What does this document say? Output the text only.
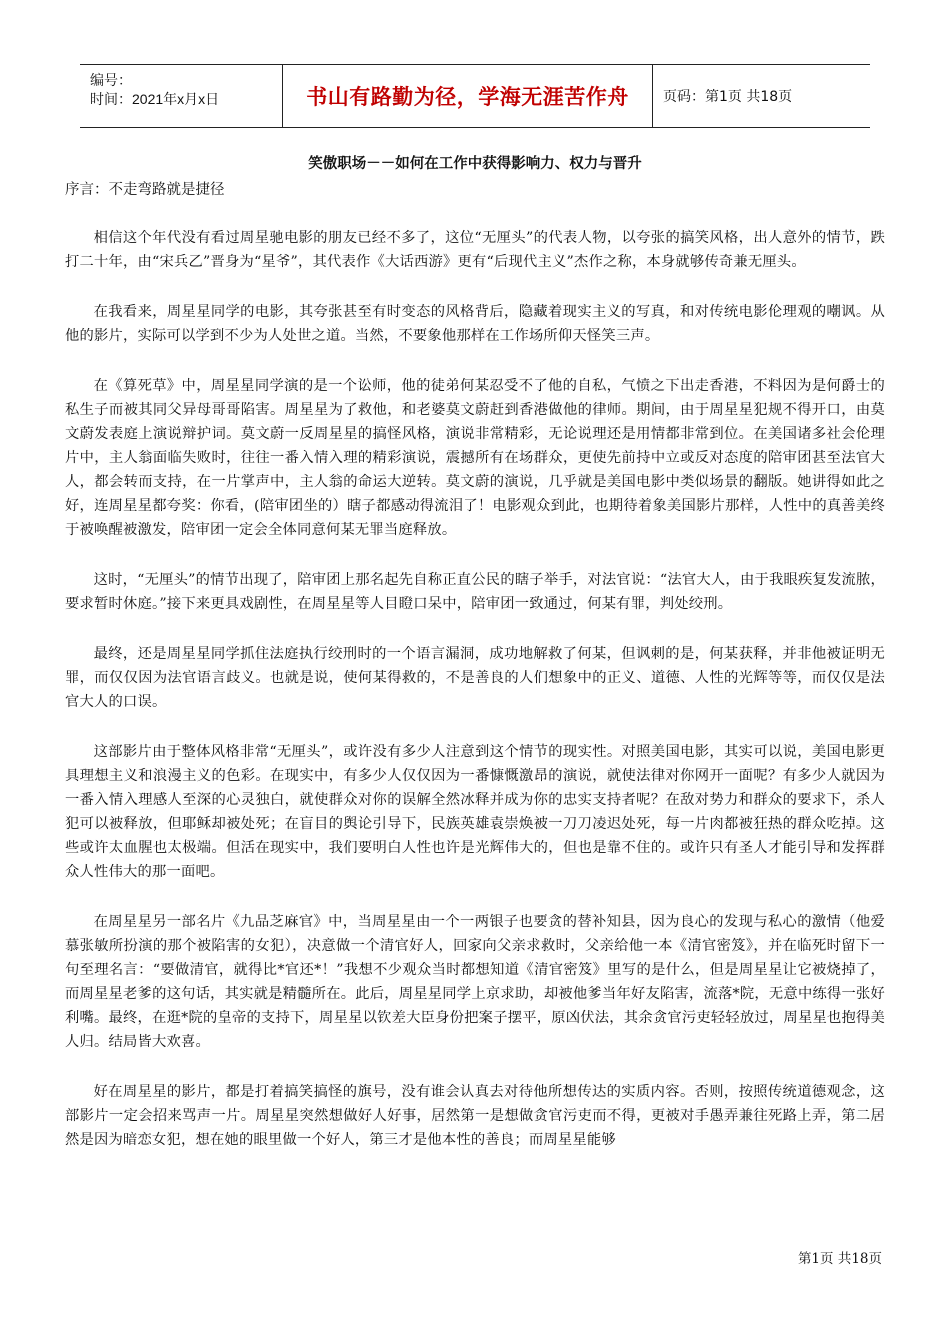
编号：
时间：2021年x月x日	书山有路勤为径，学海无涯苦作舟	页码：第1页 共18页
笑傲职场－－如何在工作中获得影响力、权力与晋升
序言：不走弯路就是捷径

相信这个年代没有看过周星驰电影的朋友已经不多了，这位“无厘头”的代表人物，以夸张的搞笑风格，出人意外的情节，跌打二十年，由“宋兵乙”晋身为“星爷”，其代表作《大话西游》更有“后现代主义”杰作之称，本身就够传奇兼无厘头。

在我看来，周星星同学的电影，其夸张甚至有时变态的风格背后，隐藏着现实主义的写真，和对传统电影伦理观的嘲讽。从他的影片，实际可以学到不少为人处世之道。当然，不要象他那样在工作场所仰天怪笑三声。

在《算死草》中，周星星同学演的是一个讼师，他的徒弟何某忍受不了他的自私，气愤之下出走香港，不料因为是何爵士的私生子而被其同父异母哥哥陷害。周星星为了救他，和老婆莫文蔚赶到香港做他的律师。期间，由于周星星犯规不得开口，由莫文蔚发表庭上演说辩护词。莫文蔚一反周星星的搞怪风格，演说非常精彩，无论说理还是用情都非常到位。在美国诸多社会伦理片中，主人翁面临失败时，往往一番入情入理的精彩演说，震撼所有在场群众，更使先前持中立或反对态度的陪审团甚至法官大人，都会转而支持，在一片掌声中，主人翁的命运大逆转。莫文蔚的演说，几乎就是美国电影中类似场景的翻版。她讲得如此之好，连周星星都夸奖：你看，(陪审团坐的）瞎子都感动得流泪了！电影观众到此，也期待着象美国影片那样，人性中的真善美终于被唤醒被激发，陪审团一定会全体同意何某无罪当庭释放。

这时，“无厘头”的情节出现了，陪审团上那名起先自称正直公民的瞎子举手，对法官说：“法官大人，由于我眼疾复发流脓，要求暂时休庭。”接下来更具戏剧性，在周星星等人目瞪口呆中，陪审团一致通过，何某有罪，判处绞刑。

最终，还是周星星同学抓住法庭执行绞刑时的一个语言漏洞，成功地解救了何某，但讽刺的是，何某获释，并非他被证明无罪，而仅仅因为法官语言歧义。也就是说，使何某得救的，不是善良的人们想象中的正义、道德、人性的光辉等等，而仅仅是法官大人的口误。

这部影片由于整体风格非常“无厘头”，或许没有多少人注意到这个情节的现实性。对照美国电影，其实可以说，美国电影更具理想主义和浪漫主义的色彩。在现实中，有多少人仅仅因为一番慷慨激昂的演说，就使法律对你网开一面呢？有多少人就因为一番入情入理感人至深的心灵独白，就使群众对你的误解全然冰释并成为你的忠实支持者呢？在敌对势力和群众的要求下，杀人犯可以被释放，但耶稣却被处死；在盲目的舆论引导下，民族英雄袁崇焕被一刀刀凌迟处死，每一片肉都被狂热的群众吃掉。这些或许太血腥也太极端。但活在现实中，我们要明白人性也许是光辉伟大的，但也是靠不住的。或许只有圣人才能引导和发挥群众人性伟大的那一面吧。

在周星星另一部名片《九品芝麻官》中，当周星星由一个一两银子也要贪的替补知县，因为良心的发现与私心的激情（他爱慕张敏所扮演的那个被陷害的女犯），决意做一个清官好人，回家向父亲求救时，父亲给他一本《清官密笈》，并在临死时留下一句至理名言：“要做清官，就得比*官还*！”我想不少观众当时都想知道《清官密笈》里写的是什么，但是周星星让它被烧掉了，而周星星老爹的这句话，其实就是精髓所在。此后，周星星同学上京求助，却被他爹当年好友陷害，流落*院，无意中练得一张好利嘴。最终，在逛*院的皇帝的支持下，周星星以钦差大臣身份把案子摆平，原凶伏法，其余贪官污吏轻轻放过，周星星也抱得美人归。结局皆大欢喜。

好在周星星的影片，都是打着搞笑搞怪的旗号，没有谁会认真去对待他所想传达的实质内容。否则，按照传统道德观念，这部影片一定会招来骂声一片。周星星突然想做好人好事，居然第一是想做贪官污吏而不得，更被对手愚弄兼往死路上弄，第二居然是因为暗恋女犯，想在她的眼里做一个好人，第三才是他本性的善良；而周星星能够

第1页 共18页
